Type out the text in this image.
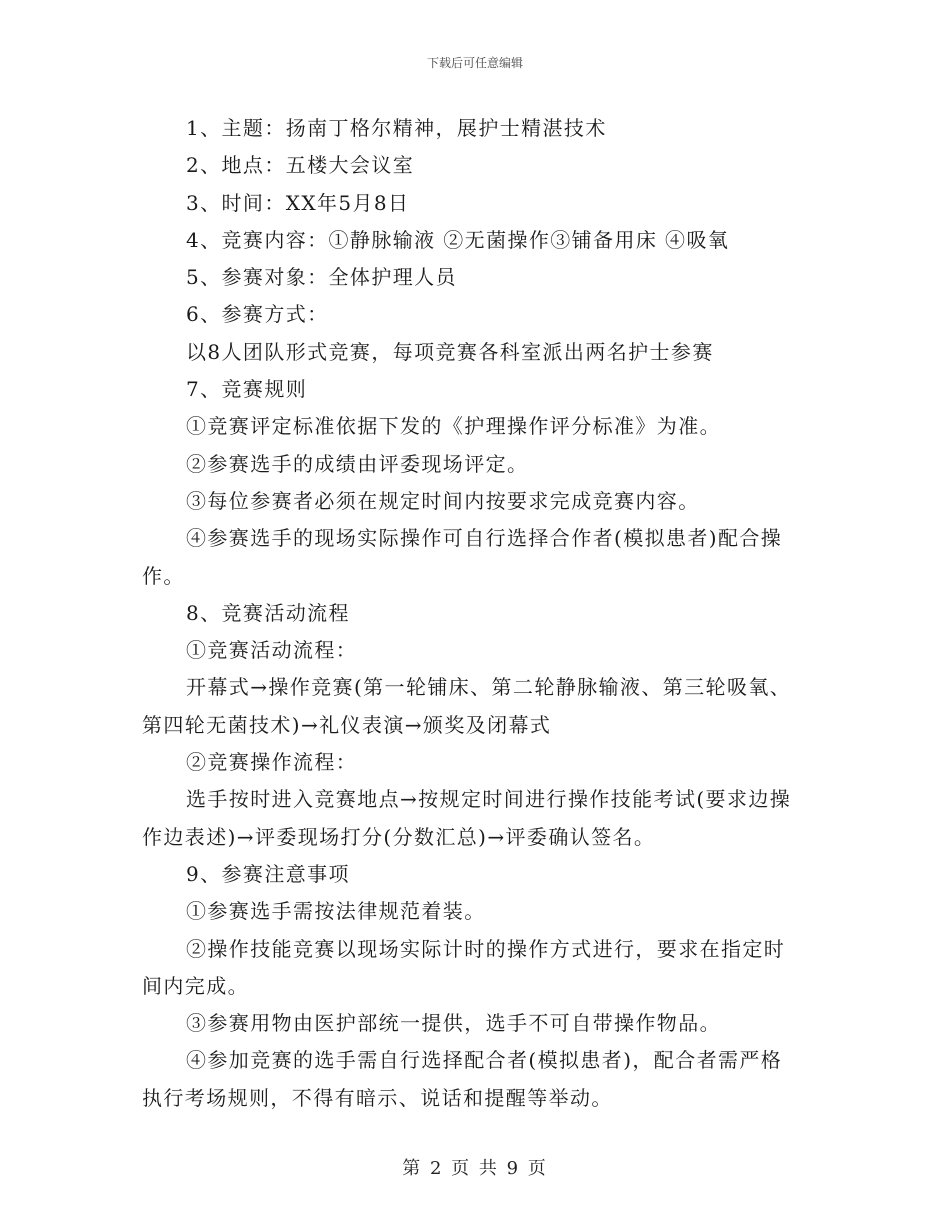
下载后可任意编辑
1、主题：扬南丁格尔精神，展护士精湛技术
2、地点：五楼大会议室
3、时间：XX年5月8日
4、竞赛内容：①静脉输液 ②无菌操作③铺备用床 ④吸氧
5、参赛对象：全体护理人员
6、参赛方式：
以8人团队形式竞赛，每项竞赛各科室派出两名护士参赛
7、竞赛规则
①竞赛评定标准依据下发的《护理操作评分标准》为准。
②参赛选手的成绩由评委现场评定。
③每位参赛者必须在规定时间内按要求完成竞赛内容。
④参赛选手的现场实际操作可自行选择合作者(模拟患者)配合操
作。
8、竞赛活动流程
①竞赛活动流程：
开幕式→操作竞赛(第一轮铺床、第二轮静脉输液、第三轮吸氧、
第四轮无菌技术)→礼仪表演→颁奖及闭幕式
②竞赛操作流程：
选手按时进入竞赛地点→按规定时间进行操作技能考试(要求边操
作边表述)→评委现场打分(分数汇总)→评委确认签名。
9、参赛注意事项
①参赛选手需按法律规范着装。
②操作技能竞赛以现场实际计时的操作方式进行，要求在指定时
间内完成。
③参赛用物由医护部统一提供，选手不可自带操作物品。
④参加竞赛的选手需自行选择配合者(模拟患者)，配合者需严格
执行考场规则，不得有暗示、说话和提醒等举动。
第 2 页 共 9 页
